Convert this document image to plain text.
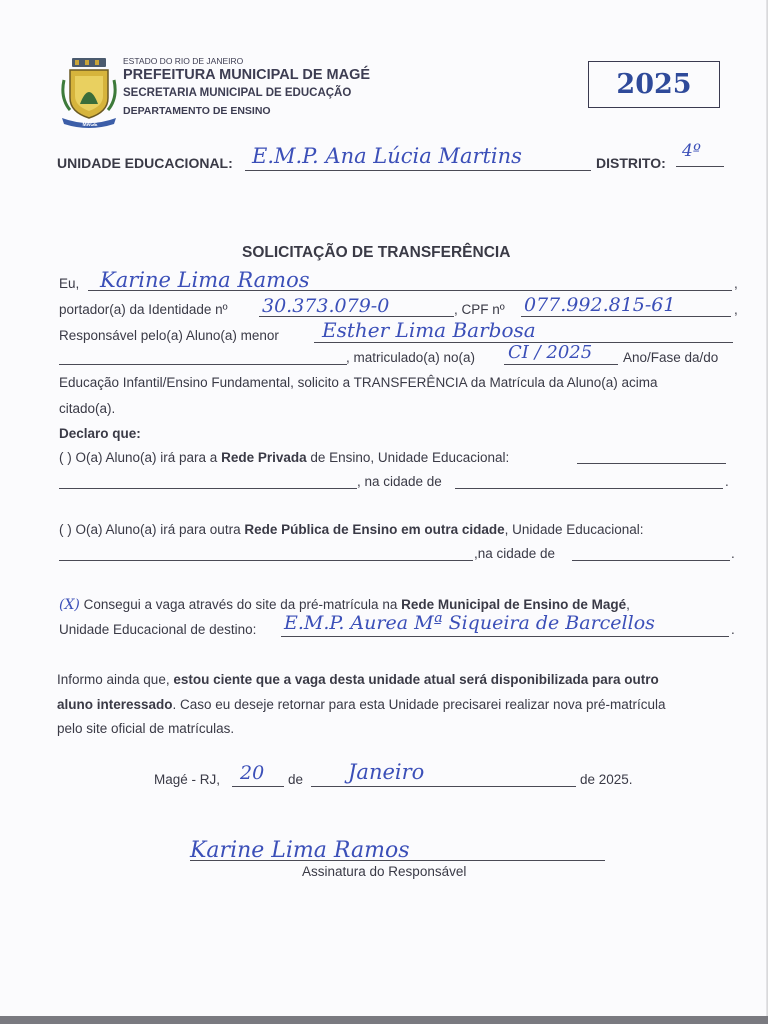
MAGÉ
ESTADO DO RIO DE JANEIRO
PREFEITURA MUNICIPAL DE MAGÉ
SECRETARIA MUNICIPAL DE EDUCAÇÃO
DEPARTAMENTO DE ENSINO
2025
UNIDADE EDUCACIONAL: E.M.P. Ana Lúcia Martins	DISTRITO:
4º
SOLICITAÇÃO DE TRANSFERÊNCIA
Eu,	,
Karine Lima Ramos
portador(a) da Identidade nº 30.373.079-0	, CPF nº	,
077.992.815-61
Responsável pelo(a) Aluno(a) menor Esther Lima Barbosa
, matriculado(a) no(a) CI / 2025 Ano/Fase da/do
Educação Infantil/Ensino Fundamental, solicito a TRANSFERÊNCIA da Matrícula da Aluno(a) acima
citado(a).
Declaro que:
( ) O(a) Aluno(a) irá para a Rede Privada de Ensino, Unidade Educacional:
, na cidade de	.
( ) O(a) Aluno(a) irá para outra Rede Pública de Ensino em outra cidade, Unidade Educacional:
,na cidade de	.
(X) Consegui a vaga através do site da pré-matrícula na Rede Municipal de Ensino de Magé,
Unidade Educacional de destino:	.
E.M.P. Aurea Mª Siqueira de Barcellos
Informo ainda que, estou ciente que a vaga desta unidade atual será disponibilizada para outro
aluno interessado. Caso eu deseje retornar para esta Unidade precisarei realizar nova pré-matrícula
pelo site oficial de matrículas.
Magé - RJ, 20 de Janeiro	de 2025.
Karine Lima Ramos
Assinatura do Responsável
